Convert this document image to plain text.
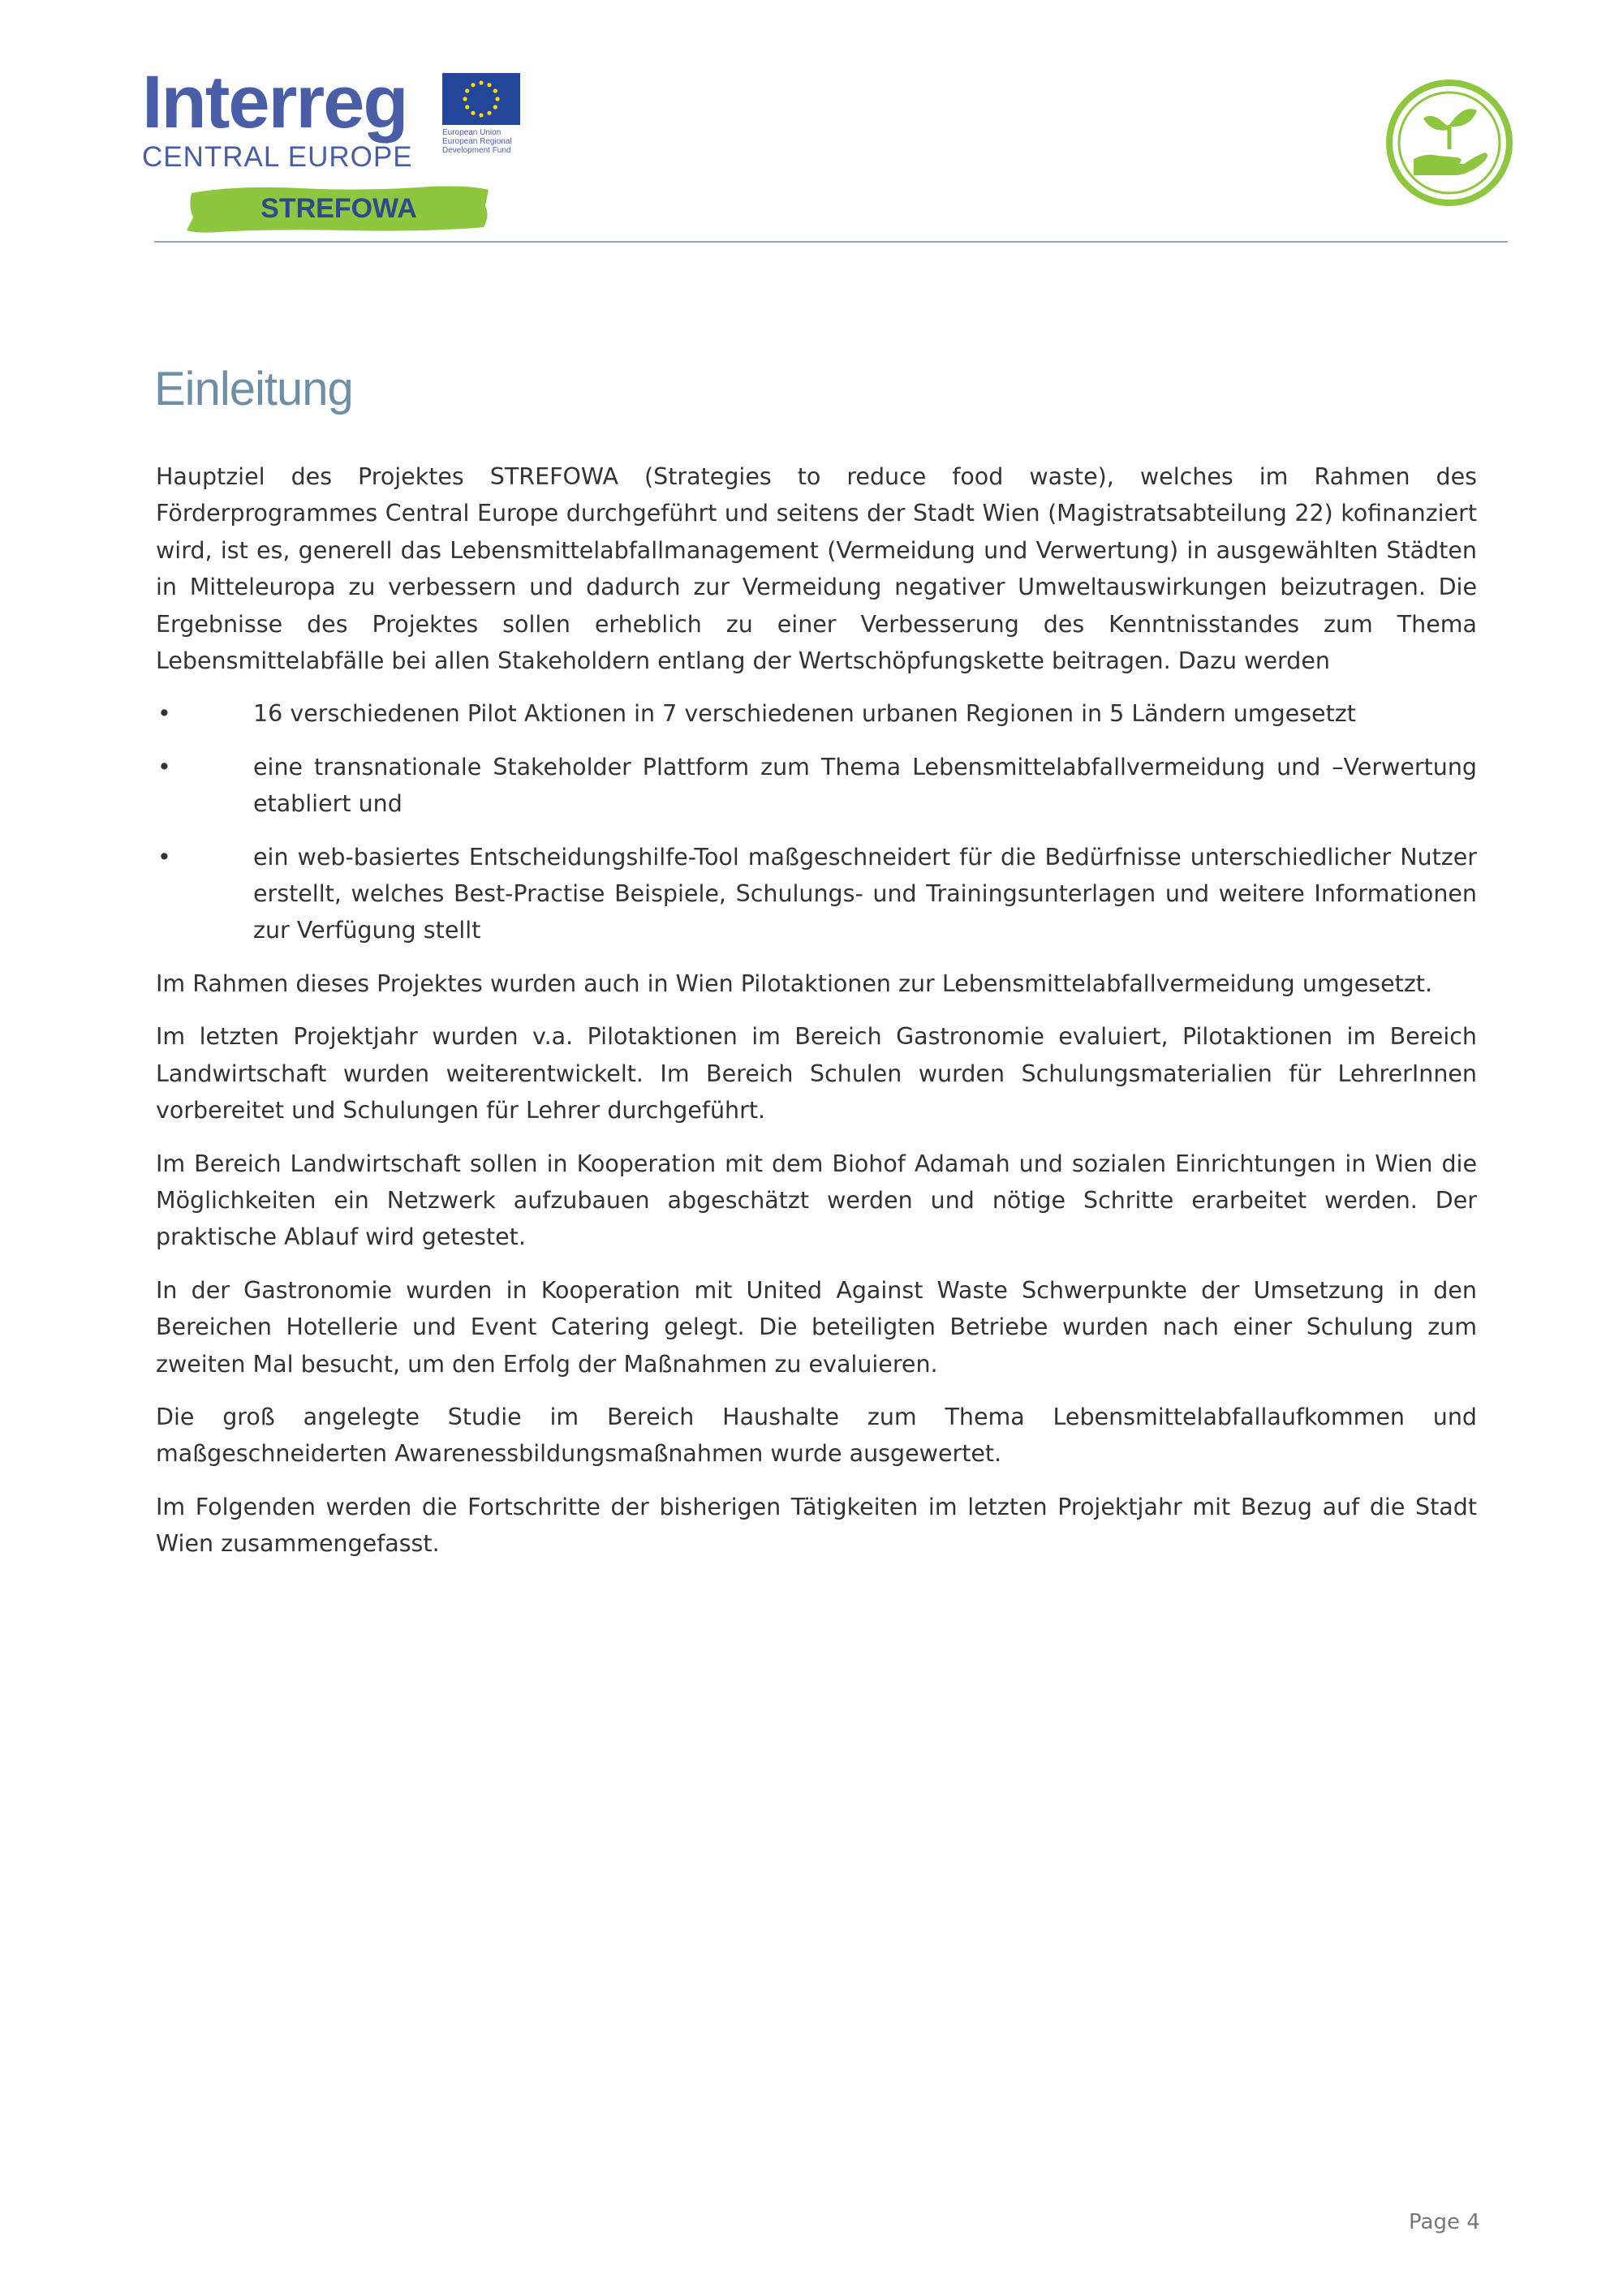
Interreg	European Union
European Regional
Development Fund
CENTRAL EUROPE
STREFOWA
Einleitung

Hauptziel des Projektes STREFOWA (Strategies to reduce food waste), welches im Rahmen des Förderprogrammes Central Europe durchgeführt und seitens der Stadt Wien (Magistratsabteilung 22) kofinanziert wird, ist es, generell das Lebensmittelabfallmanagement (Vermeidung und Verwertung) in ausgewählten Städten in Mitteleuropa zu verbessern und dadurch zur Vermeidung negativer Umweltauswirkungen beizutragen. Die Ergebnisse des Projektes sollen erheblich zu einer Verbesserung des Kenntnisstandes zum Thema Lebensmittelabfälle bei allen Stakeholdern entlang der Wertschöpfungskette beitragen. Dazu werden

•	16 verschiedenen Pilot Aktionen in 7 verschiedenen urbanen Regionen in 5 Ländern umgesetzt
•	eine transnationale Stakeholder Plattform zum Thema Lebensmittelabfallvermeidung und –Verwertung etabliert und
•	ein web-basiertes Entscheidungshilfe-Tool maßgeschneidert für die Bedürfnisse unterschiedlicher Nutzer erstellt, welches Best-Practise Beispiele, Schulungs- und Trainingsunterlagen und weitere Informationen zur Verfügung stellt

Im Rahmen dieses Projektes wurden auch in Wien Pilotaktionen zur Lebensmittelabfallvermeidung umgesetzt.

Im letzten Projektjahr wurden v.a. Pilotaktionen im Bereich Gastronomie evaluiert, Pilotaktionen im Bereich Landwirtschaft wurden weiterentwickelt. Im Bereich Schulen wurden Schulungsmaterialien für LehrerInnen vorbereitet und Schulungen für Lehrer durchgeführt.

Im Bereich Landwirtschaft sollen in Kooperation mit dem Biohof Adamah und sozialen Einrichtungen in Wien die Möglichkeiten ein Netzwerk aufzubauen abgeschätzt werden und nötige Schritte erarbeitet werden. Der praktische Ablauf wird getestet.

In der Gastronomie wurden in Kooperation mit United Against Waste Schwerpunkte der Umsetzung in den Bereichen Hotellerie und Event Catering gelegt. Die beteiligten Betriebe wurden nach einer Schulung zum zweiten Mal besucht, um den Erfolg der Maßnahmen zu evaluieren.

Die groß angelegte Studie im Bereich Haushalte zum Thema Lebensmittelabfallaufkommen und maßgeschneiderten Awarenessbildungsmaßnahmen wurde ausgewertet.

Im Folgenden werden die Fortschritte der bisherigen Tätigkeiten im letzten Projektjahr mit Bezug auf die Stadt Wien zusammengefasst.

Page 4
